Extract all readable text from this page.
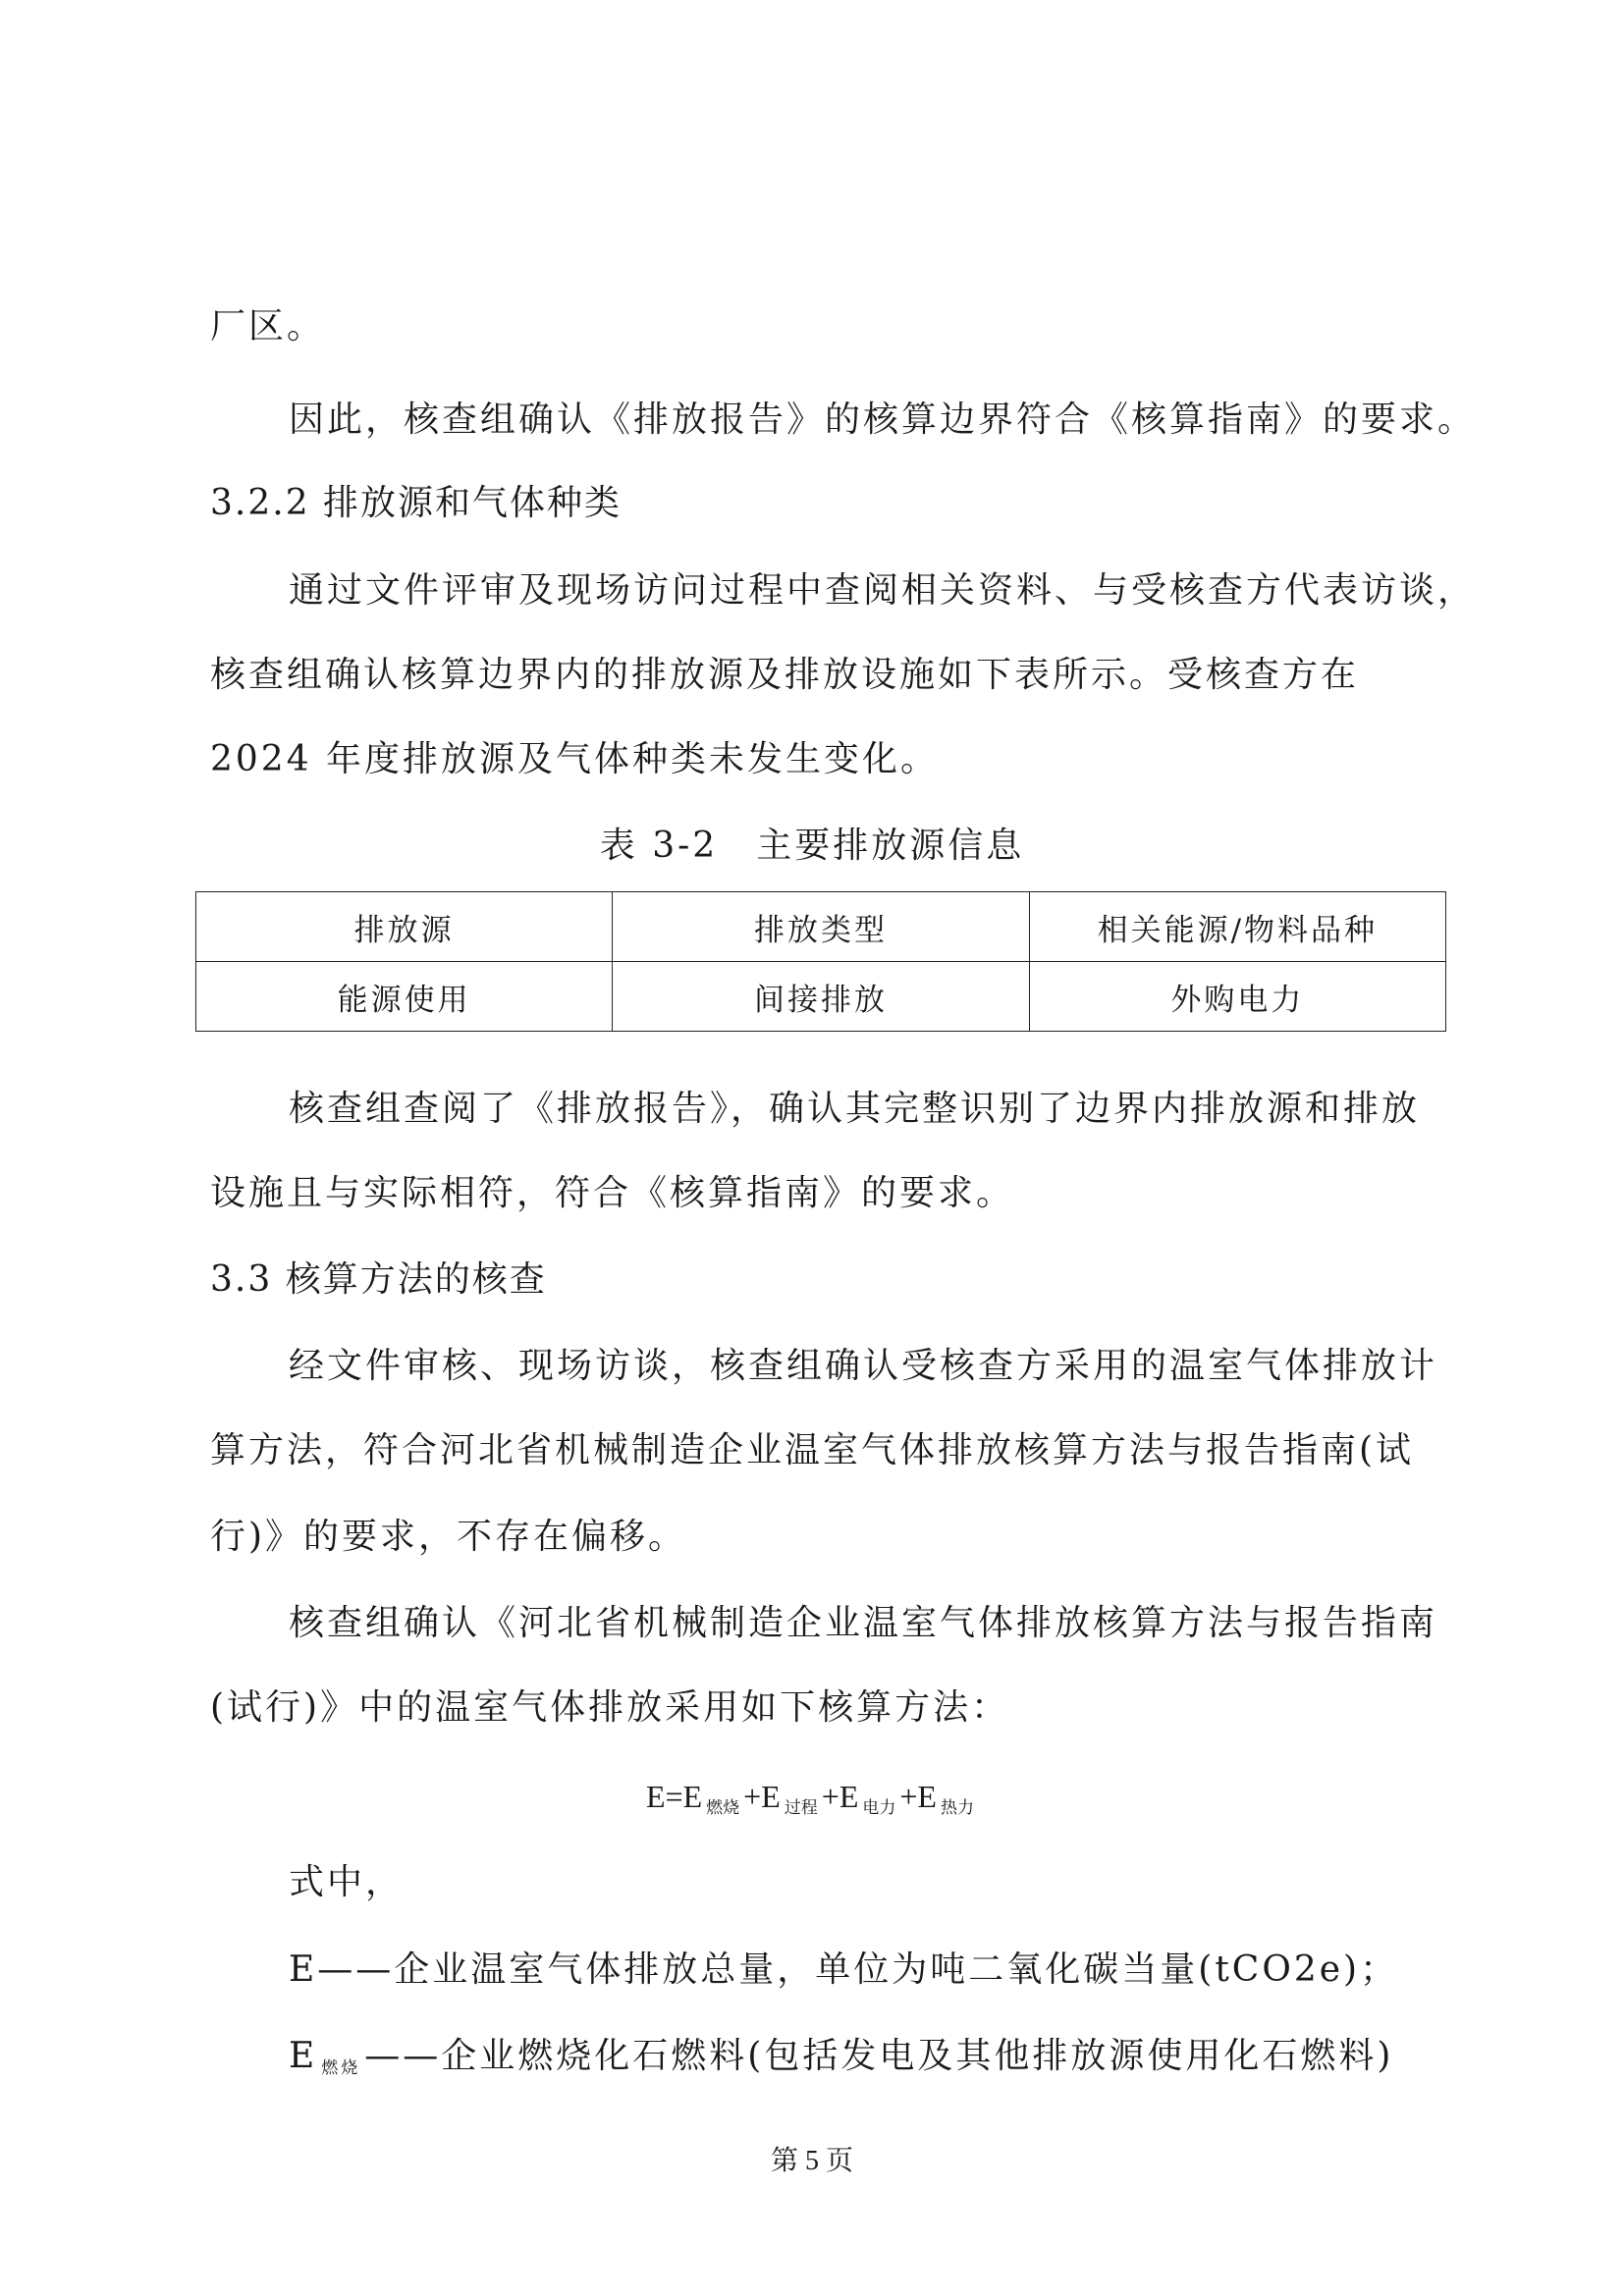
厂区。
因此，核查组确认《排放报告》的核算边界符合《核算指南》的要求。
3.2.2 排放源和气体种类
通过文件评审及现场访问过程中查阅相关资料、与受核查方代表访谈，
核查组确认核算边界内的排放源及排放设施如下表所示。受核查方在
2024 年度排放源及气体种类未发生变化。
表 3-2　主要排放源信息
排放源	排放类型	相关能源/物料品种
能源使用	间接排放	外购电力
核查组查阅了《排放报告》，确认其完整识别了边界内排放源和排放
设施且与实际相符，符合《核算指南》的要求。
3.3 核算方法的核查
经文件审核、现场访谈，核查组确认受核查方采用的温室气体排放计
算方法，符合河北省机械制造企业温室气体排放核算方法与报告指南(试
行)》的要求，不存在偏移。
核查组确认《河北省机械制造企业温室气体排放核算方法与报告指南
(试行)》中的温室气体排放采用如下核算方法：
E=E $_{燃烧}$ +E $_{过程}$ +E $_{电力}$ +E $_{热力}$
式中，
E——企业温室气体排放总量，单位为吨二氧化碳当量(tCO2e)；
E $_{燃烧}$ ——企业燃烧化石燃料(包括发电及其他排放源使用化石燃料)
第 5 页
